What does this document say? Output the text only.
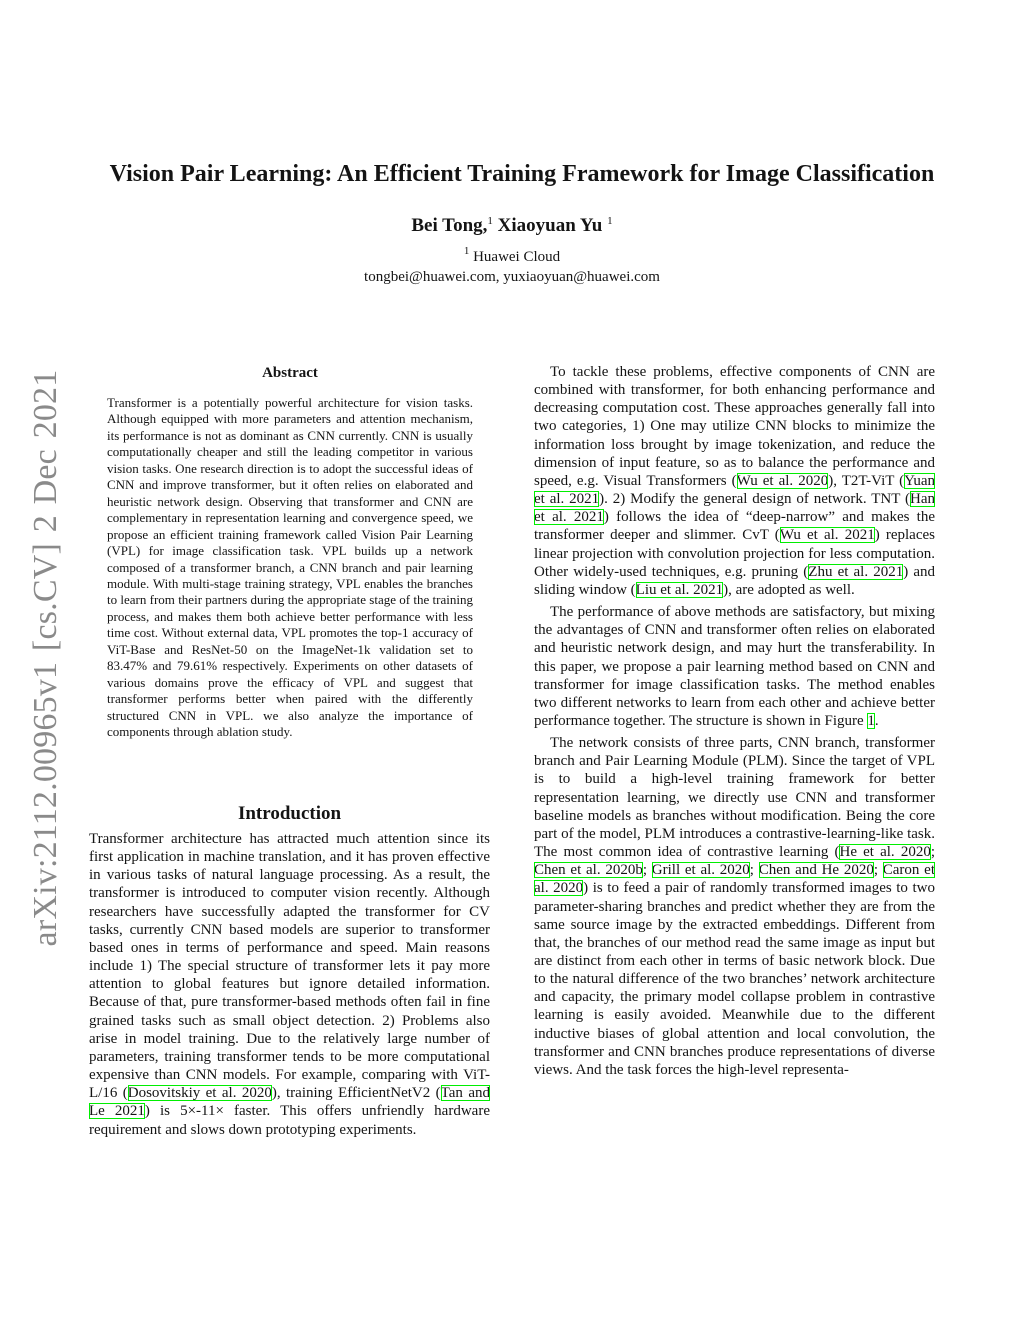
arXiv:2112.00965v1 [cs.CV] 2 Dec 2021
Vision Pair Learning: An Efficient Training Framework for Image Classification
Bei Tong,$^1$ Xiaoyuan Yu $^1$
$^1$ Huawei Cloud
tongbei@huawei.com, yuxiaoyuan@huawei.com
Abstract

Transformer is a potentially powerful architecture for vision tasks. Although equipped with more parameters and attention mechanism, its performance is not as dominant as CNN currently. CNN is usually computationally cheaper and still the leading competitor in various vision tasks. One research direction is to adopt the successful ideas of CNN and improve transformer, but it often relies on elaborated and heuristic network design. Observing that transformer and CNN are complementary in representation learning and convergence speed, we propose an efficient training framework called Vision Pair Learning (VPL) for image classification task. VPL builds up a network composed of a transformer branch, a CNN branch and pair learning module. With multi-stage training strategy, VPL enables the branches to learn from their partners during the appropriate stage of the training process, and makes them both achieve better performance with less time cost. Without external data, VPL promotes the top-1 accuracy of ViT-Base and ResNet-50 on the ImageNet-1k validation set to 83.47% and 79.61% respectively. Experiments on other datasets of various domains prove the efficacy of VPL and suggest that transformer performs better when paired with the differently structured CNN in VPL. we also analyze the importance of components through ablation study.

Introduction

Transformer architecture has attracted much attention since its first application in machine translation, and it has proven effective in various tasks of natural language processing. As a result, the transformer is introduced to computer vision recently. Although researchers have successfully adapted the transformer for CV tasks, currently CNN based models are superior to transformer based ones in terms of performance and speed. Main reasons include 1) The special structure of transformer lets it pay more attention to global features but ignore detailed information. Because of that, pure transformer-based methods often fail in fine grained tasks such as small object detection. 2) Problems also arise in model training. Due to the relatively large number of parameters, training transformer tends to be more computational expensive than CNN models. For example, comparing with ViT-L/16 (Dosovitskiy et al. 2020), training EfficientNetV2 (Tan and Le 2021) is 5×-11× faster. This offers unfriendly hardware requirement and slows down prototyping experiments.

To tackle these problems, effective components of CNN are combined with transformer, for both enhancing performance and decreasing computation cost. These approaches generally fall into two categories, 1) One may utilize CNN blocks to minimize the information loss brought by image tokenization, and reduce the dimension of input feature, so as to balance the performance and speed, e.g. Visual Transformers (Wu et al. 2020), T2T-ViT (Yuan et al. 2021). 2) Modify the general design of network. TNT (Han et al. 2021) follows the idea of “deep-narrow” and makes the transformer deeper and slimmer. CvT (Wu et al. 2021) replaces linear projection with convolution projection for less computation. Other widely-used techniques, e.g. pruning (Zhu et al. 2021) and sliding window (Liu et al. 2021), are adopted as well.

The performance of above methods are satisfactory, but mixing the advantages of CNN and transformer often relies on elaborated and heuristic network design, and may hurt the transferability. In this paper, we propose a pair learning method based on CNN and transformer for image classification tasks. The method enables two different networks to learn from each other and achieve better performance together. The structure is shown in Figure 1.

The network consists of three parts, CNN branch, transformer branch and Pair Learning Module (PLM). Since the target of VPL is to build a high-level training framework for better representation learning, we directly use CNN and transformer baseline models as branches without modification. Being the core part of the model, PLM introduces a contrastive-learning-like task. The most common idea of contrastive learning (He et al. 2020; Chen et al. 2020b; Grill et al. 2020; Chen and He 2020; Caron et al. 2020) is to feed a pair of randomly transformed images to two parameter-sharing branches and predict whether they are from the same source image by the extracted embeddings. Different from that, the branches of our method read the same image as input but are distinct from each other in terms of basic network block. Due to the natural difference of the two branches’ network architecture and capacity, the primary model collapse problem in contrastive learning is easily avoided. Meanwhile due to the different inductive biases of global attention and local convolution, the transformer and CNN branches produce representations of diverse views. And the task forces the high-level representa-
